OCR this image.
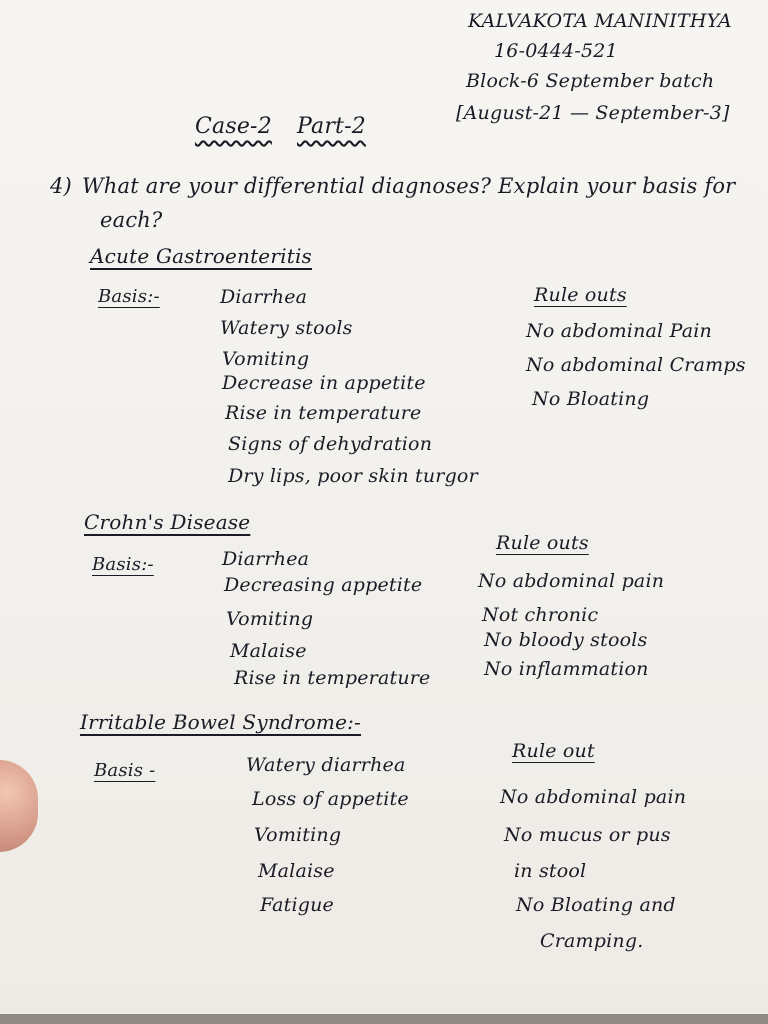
KALVAKOTA MANINITHYA
16-0444-521
Block-6 September batch
[August-21 — September-3]
Case-2 Part-2
4) What are your differential diagnoses? Explain your basis for
each?
Acute Gastroenteritis
Basis:-	Diarrhea
Watery stools
Vomiting
Decrease in appetite
Rise in temperature
Signs of dehydration
Dry lips, poor skin turgor
Rule outs
No abdominal Pain
No abdominal Cramps
No Bloating
Crohn's Disease
Basis:-	Diarrhea
Decreasing appetite
Vomiting
Malaise
Rise in temperature
Rule outs
No abdominal pain
Not chronic
No bloody stools
No inflammation
Irritable Bowel Syndrome:-
Basis -	Watery diarrhea
Loss of appetite
Vomiting
Malaise
Fatigue
Rule out
No abdominal pain
No mucus or pus
in stool
No Bloating and
Cramping.
